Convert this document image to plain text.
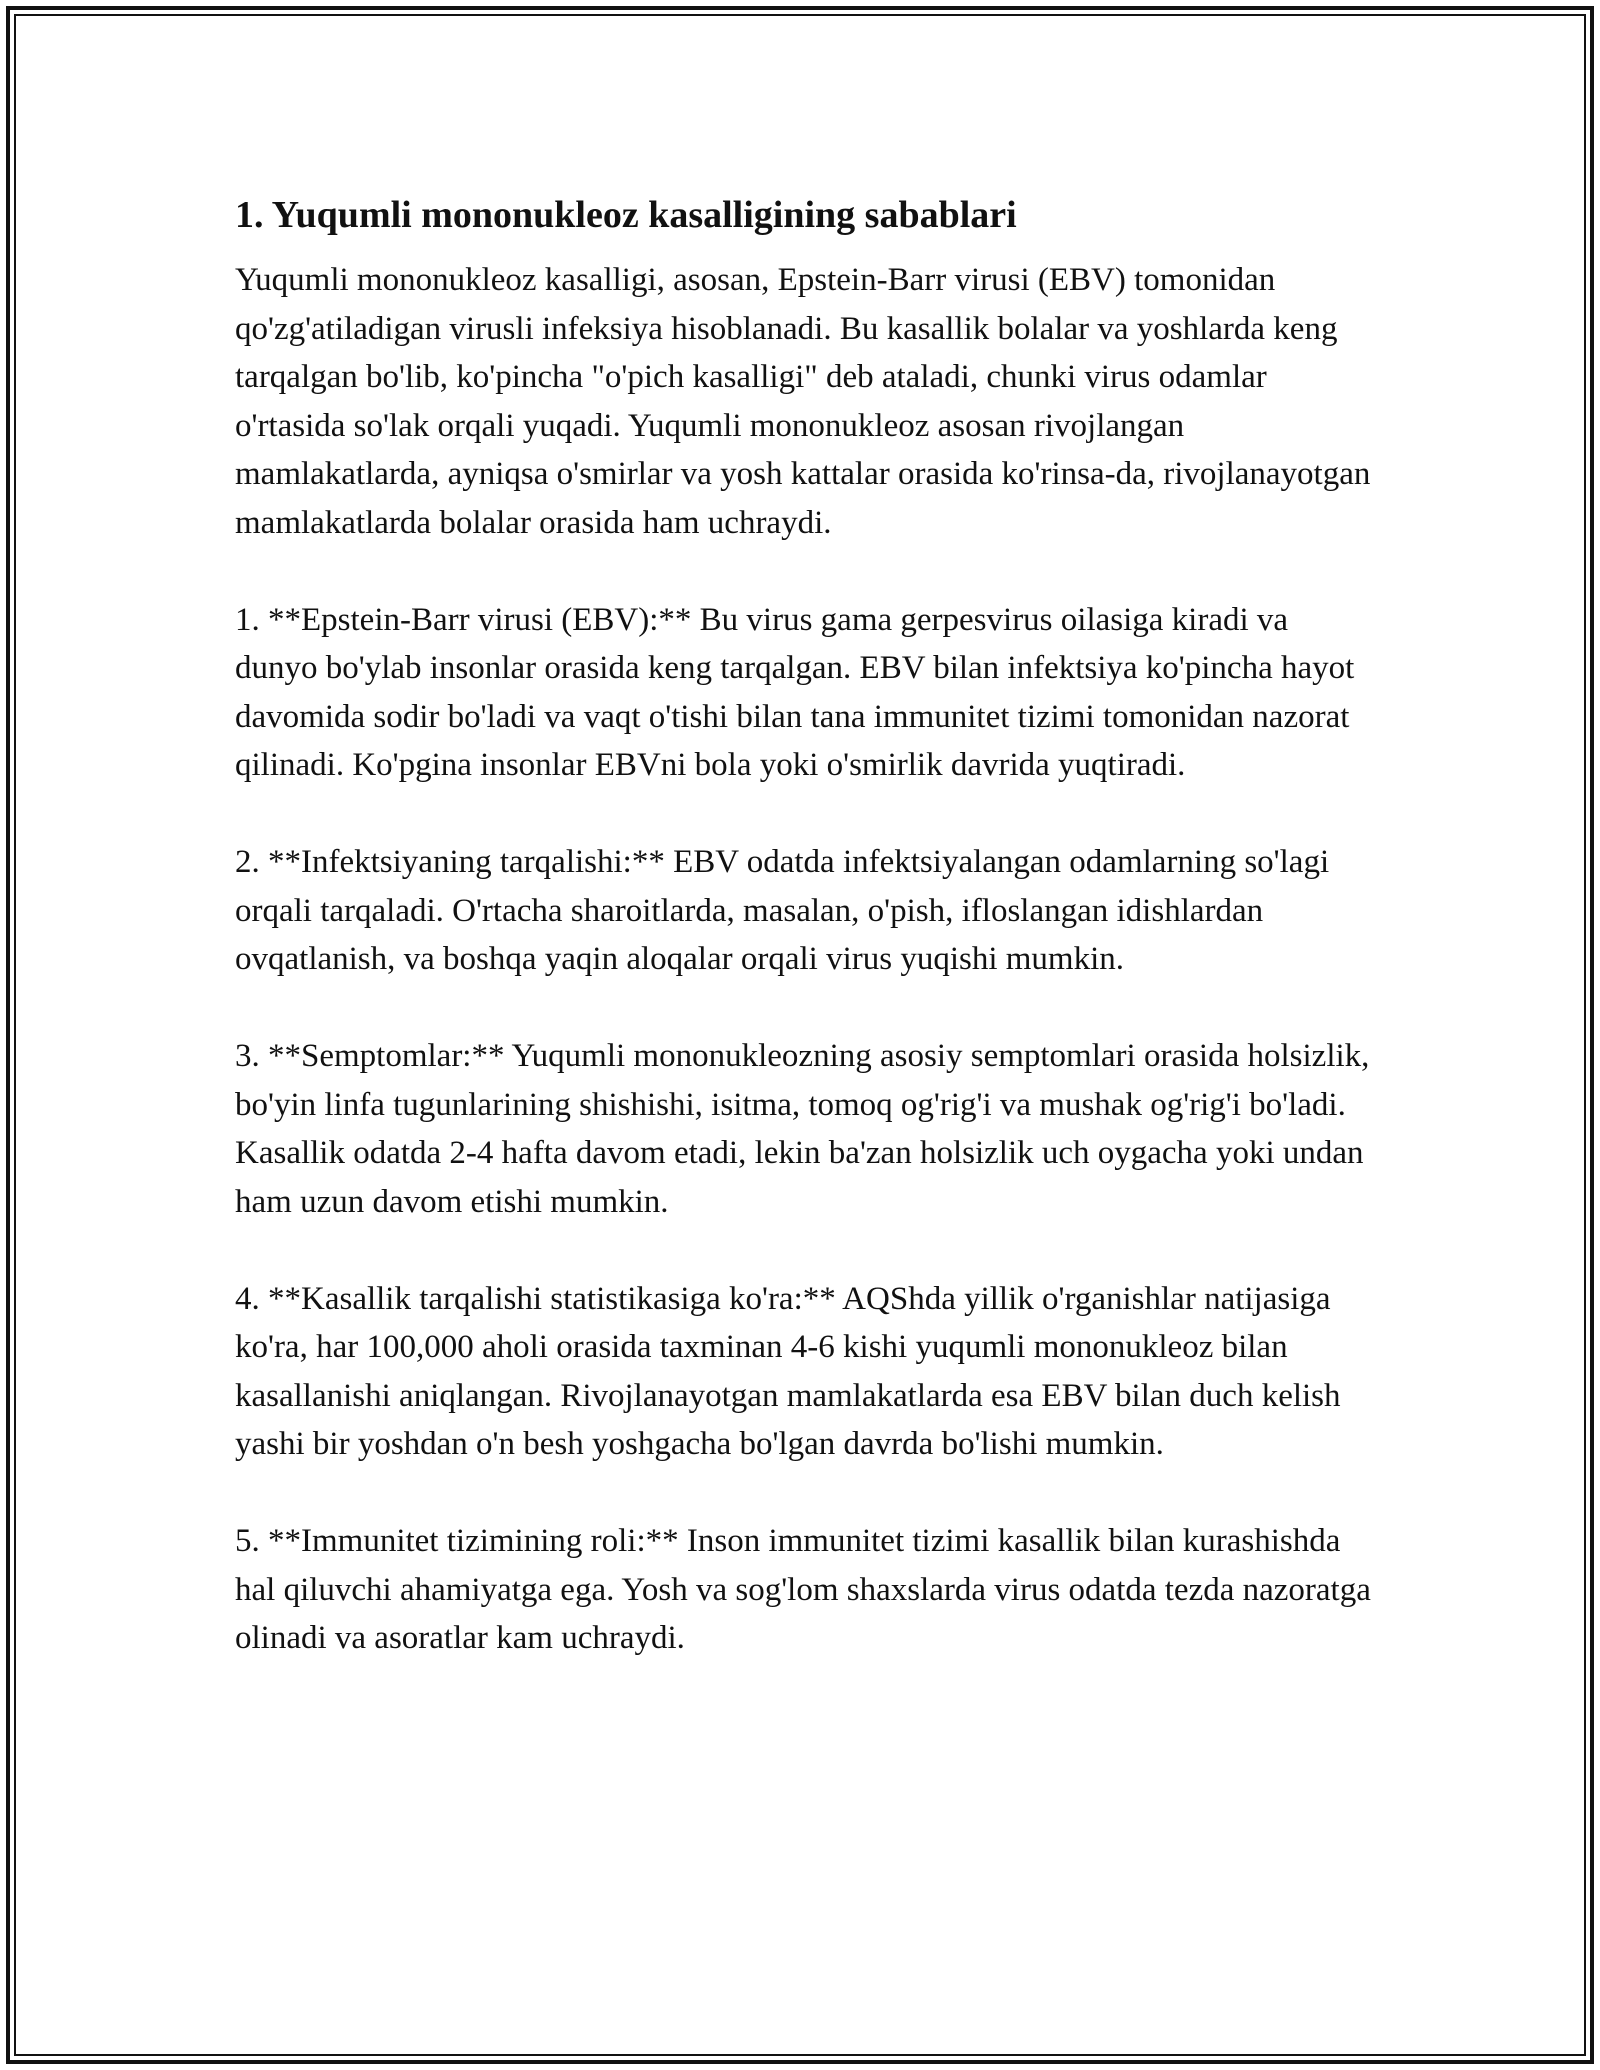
1. Yuqumli mononukleoz kasalligining sabablari

Yuqumli mononukleoz kasalligi, asosan, Epstein-Barr virusi (EBV) tomonidan qo'zg'atiladigan virusli infeksiya hisoblanadi. Bu kasallik bolalar va yoshlarda keng tarqalgan bo'lib, ko'pincha "o'pich kasalligi" deb ataladi, chunki virus odamlar o'rtasida so'lak orqali yuqadi. Yuqumli mononukleoz asosan rivojlangan mamlakatlarda, ayniqsa o'smirlar va yosh kattalar orasida ko'rinsa-da, rivojlanayotgan mamlakatlarda bolalar orasida ham uchraydi.

1. **Epstein-Barr virusi (EBV):** Bu virus gama gerpesvirus oilasiga kiradi va dunyo bo'ylab insonlar orasida keng tarqalgan. EBV bilan infektsiya ko'pincha hayot davomida sodir bo'ladi va vaqt o'tishi bilan tana immunitet tizimi tomonidan nazorat qilinadi. Ko'pgina insonlar EBVni bola yoki o'smirlik davrida yuqtiradi.

2. **Infektsiyaning tarqalishi:** EBV odatda infektsiyalangan odamlarning so'lagi orqali tarqaladi. O'rtacha sharoitlarda, masalan, o'pish, ifloslangan idishlardan ovqatlanish, va boshqa yaqin aloqalar orqali virus yuqishi mumkin.

3. **Semptomlar:** Yuqumli mononukleozning asosiy semptomlari orasida holsizlik, bo'yin linfa tugunlarining shishishi, isitma, tomoq og'rig'i va mushak og'rig'i bo'ladi. Kasallik odatda 2-4 hafta davom etadi, lekin ba'zan holsizlik uch oygacha yoki undan ham uzun davom etishi mumkin.

4. **Kasallik tarqalishi statistikasiga ko'ra:** AQShda yillik o'rganishlar natijasiga ko'ra, har 100,000 aholi orasida taxminan 4-6 kishi yuqumli mononukleoz bilan kasallanishi aniqlangan. Rivojlanayotgan mamlakatlarda esa EBV bilan duch kelish yashi bir yoshdan o'n besh yoshgacha bo'lgan davrda bo'lishi mumkin.

5. **Immunitet tizimining roli:** Inson immunitet tizimi kasallik bilan kurashishda hal qiluvchi ahamiyatga ega. Yosh va sog'lom shaxslarda virus odatda tezda nazoratga olinadi va asoratlar kam uchraydi.
